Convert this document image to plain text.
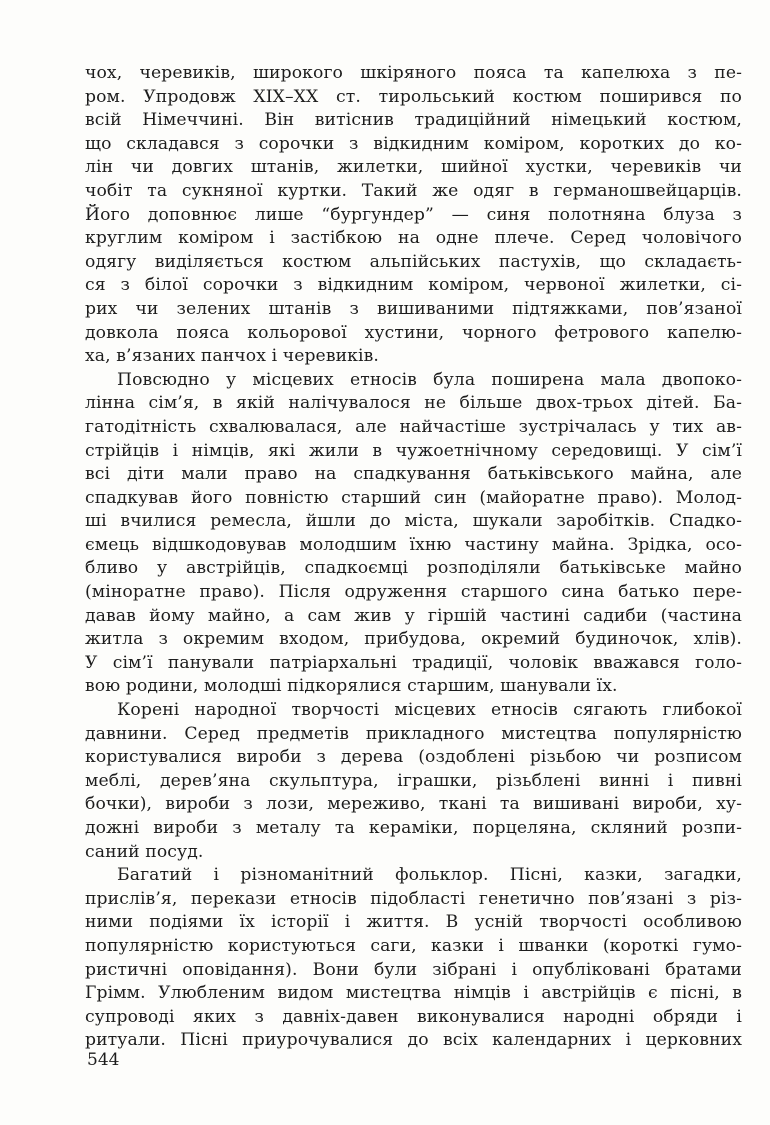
чох, черевиків, широкого шкіряного пояса та капелюха з пе-
ром. Упродовж XIX–XX ст. тирольський костюм поширився по
всій Німеччині. Він витіснив традиційний німецький костюм,
що складався з сорочки з відкидним коміром, коротких до ко-
лін чи довгих штанів, жилетки, шийної хустки, черевиків чи
чобіт та сукняної куртки. Такий же одяг в германошвейцарців.
Його доповнює лише “бургундер” — синя полотняна блуза з
круглим коміром і застібкою на одне плече. Серед чоловічого
одягу виділяється костюм альпійських пастухів, що складаєть-
ся з білої сорочки з відкидним коміром, червоної жилетки, сі-
рих чи зелених штанів з вишиваними підтяжками, пов’язаної
довкола пояса кольорової хустини, чорного фетрового капелю-
ха, в’язаних панчох і черевиків.
Повсюдно у місцевих етносів була поширена мала двопоко-
лінна сім’я, в якій налічувалося не більше двох-трьох дітей. Ба-
гатодітність схвалювалася, але найчастіше зустрічалась у тих ав-
стрійців і німців, які жили в чужоетнічному середовищі. У сім’ї
всі діти мали право на спадкування батьківського майна, але
спадкував його повністю старший син (майоратне право). Молод-
ші вчилися ремесла, йшли до міста, шукали заробітків. Спадко-
ємець відшкодовував молодшим їхню частину майна. Зрідка, осо-
бливо у австрійців, спадкоємці розподіляли батьківське майно
(міноратне право). Після одруження старшого сина батько пере-
давав йому майно, а сам жив у гіршій частині садиби (частина
житла з окремим входом, прибудова, окремий будиночок, хлів).
У сім’ї панували патріархальні традиції, чоловік вважався голо-
вою родини, молодші підкорялися старшим, шанували їх.
Корені народної творчості місцевих етносів сягають глибокої
давнини. Серед предметів прикладного мистецтва популярністю
користувалися вироби з дерева (оздоблені різьбою чи розписом
меблі, дерев’яна скульптура, іграшки, різьблені винні і пивні
бочки), вироби з лози, мереживо, ткані та вишивані вироби, ху-
дожні вироби з металу та кераміки, порцеляна, скляний розпи-
саний посуд.
Багатий і різноманітний фольклор. Пісні, казки, загадки,
прислів’я, перекази етносів підобласті генетично пов’язані з різ-
ними подіями їх історії і життя. В усній творчості особливою
популярністю користуються саги, казки і шванки (короткі гумо-
ристичні оповідання). Вони були зібрані і опубліковані братами
Грімм. Улюбленим видом мистецтва німців і австрійців є пісні, в
супроводі яких з давніх-давен виконувалися народні обряди і
ритуали. Пісні приурочувалися до всіх календарних і церковних
544
